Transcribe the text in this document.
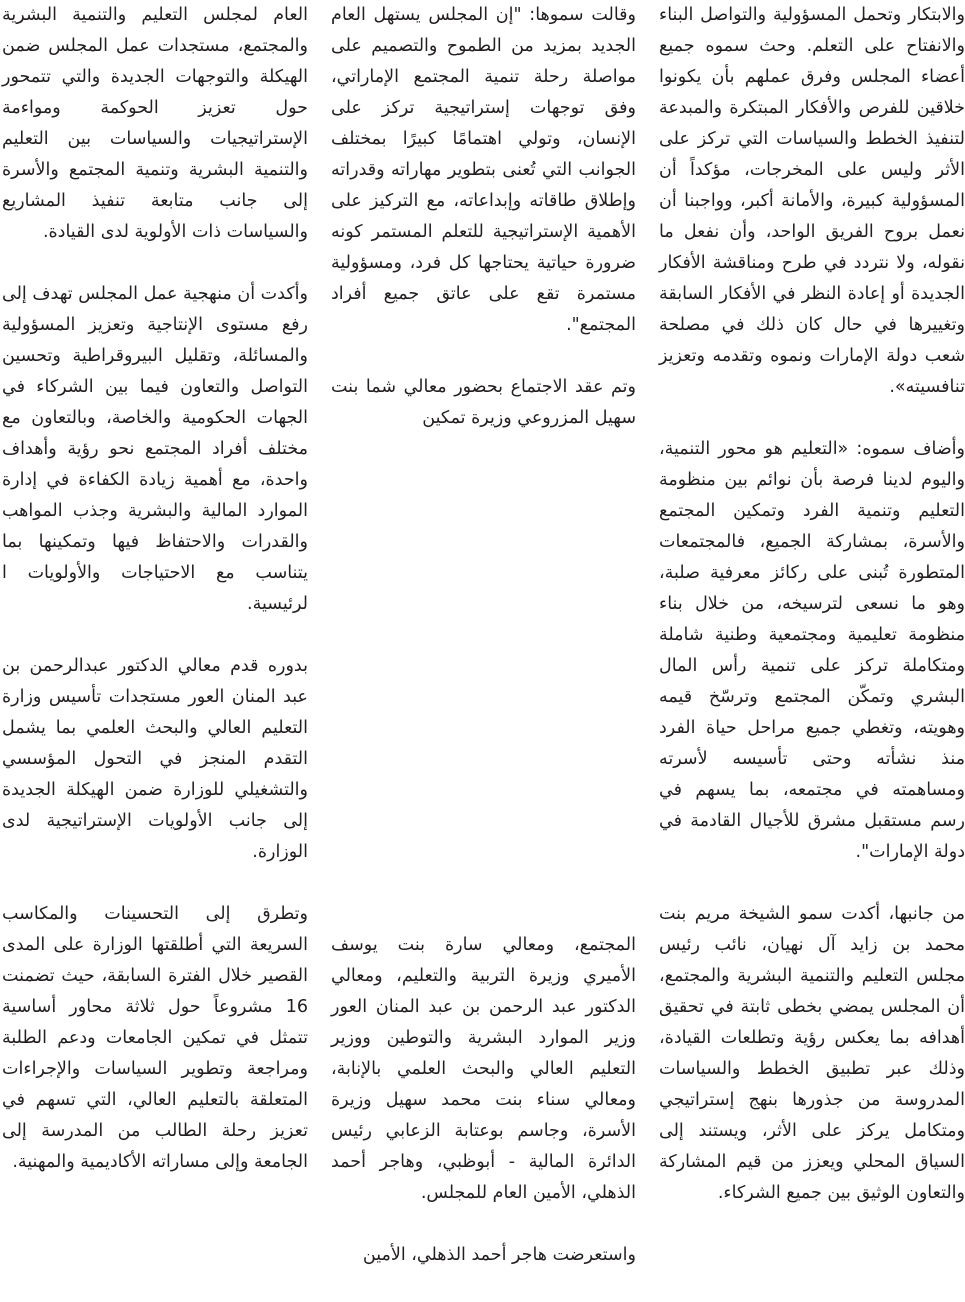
والابتكار وتحمل المسؤولية والتواصل البناء والانفتاح على التعلم. وحث سموه جميع أعضاء المجلس وفرق عملهم بأن يكونوا خلاقين للفرص والأفكار المبتكرة والمبدعة لتنفيذ الخطط والسياسات التي تركز على الأثر وليس على المخرجات، مؤكداً أن المسؤولية كبيرة، والأمانة أكبر، وواجبنا أن نعمل بروح الفريق الواحد، وأن نفعل ما نقوله، ولا نتردد في طرح ومناقشة الأفكار الجديدة أو إعادة النظر في الأفكار السابقة وتغييرها في حال كان ذلك في مصلحة شعب دولة الإمارات ونموه وتقدمه وتعزيز تنافسيته».

وأضاف سموه: «التعليم هو محور التنمية، واليوم لدينا فرصة بأن نوائم بين منظومة التعليم وتنمية الفرد وتمكين المجتمع والأسرة، بمشاركة الجميع، فالمجتمعات المتطورة تُبنى على ركائز معرفية صلبة، وهو ما نسعى لترسيخه، من خلال بناء منظومة تعليمية ومجتمعية وطنية شاملة ومتكاملة تركز على تنمية رأس المال البشري وتمكّن المجتمع وترسّخ قيمه وهويته، وتغطي جميع مراحل حياة الفرد منذ نشأته وحتى تأسيسه لأسرته ومساهمته في مجتمعه، بما يسهم في رسم مستقبل مشرق للأجيال القادمة في دولة الإمارات".

من جانبها، أكدت سمو الشيخة مريم بنت محمد بن زايد آل نهيان، نائب رئيس مجلس التعليم والتنمية البشرية والمجتمع، أن المجلس يمضي بخطى ثابتة في تحقيق أهدافه بما يعكس رؤية وتطلعات القيادة، وذلك عبر تطبيق الخطط والسياسات المدروسة من جذورها بنهج إستراتيجي ومتكامل يركز على الأثر، ويستند إلى السياق المحلي ويعزز من قيم المشاركة والتعاون الوثيق بين جميع الشركاء.

وقالت سموها: "إن المجلس يستهل العام الجديد بمزيد من الطموح والتصميم على مواصلة رحلة تنمية المجتمع الإماراتي، وفق توجهات إستراتيجية تركز على الإنسان، وتولي اهتمامًا كبيرًا بمختلف الجوانب التي تُعنى بتطوير مهاراته وقدراته وإطلاق طاقاته وإبداعاته، مع التركيز على الأهمية الإستراتيجية للتعلم المستمر كونه ضرورة حياتية يحتاجها كل فرد، ومسؤولية مستمرة تقع على عاتق جميع أفراد المجتمع".

وتم عقد الاجتماع بحضور معالي شما بنت سهيل المزروعي وزيرة تمكين

المجتمع، ومعالي سارة بنت يوسف الأميري وزيرة التربية والتعليم، ومعالي الدكتور عبد الرحمن بن عبد المنان العور وزير الموارد البشرية والتوطين ووزير التعليم العالي والبحث العلمي بالإنابة، ومعالي سناء بنت محمد سهيل وزيرة الأسرة، وجاسم بوعتابة الزعابي رئيس الدائرة المالية - أبوظبي، وهاجر أحمد الذهلي، الأمين العام للمجلس.

واستعرضت هاجر أحمد الذهلي، الأمين

العام لمجلس التعليم والتنمية البشرية والمجتمع، مستجدات عمل المجلس ضمن الهيكلة والتوجهات الجديدة والتي تتمحور حول تعزيز الحوكمة ومواءمة الإستراتيجيات والسياسات بين التعليم والتنمية البشرية وتنمية المجتمع والأسرة إلى جانب متابعة تنفيذ المشاريع والسياسات ذات الأولوية لدى القيادة.

وأكدت أن منهجية عمل المجلس تهدف إلى رفع مستوى الإنتاجية وتعزيز المسؤولية والمسائلة، وتقليل البيروقراطية وتحسين التواصل والتعاون فيما بين الشركاء في الجهات الحكومية والخاصة، وبالتعاون مع مختلف أفراد المجتمع نحو رؤية وأهداف واحدة، مع أهمية زيادة الكفاءة في إدارة الموارد المالية والبشرية وجذب المواهب والقدرات والاحتفاظ فيها وتمكينها بما يتناسب مع الاحتياجات والأولويات ا لرئيسية.

بدوره قدم معالي الدكتور عبدالرحمن بن عبد المنان العور مستجدات تأسيس وزارة التعليم العالي والبحث العلمي بما يشمل التقدم المنجز في التحول المؤسسي والتشغيلي للوزارة ضمن الهيكلة الجديدة إلى جانب الأولويات الإستراتيجية لدى الوزارة.

وتطرق إلى التحسينات والمكاسب السريعة التي أطلقتها الوزارة على المدى القصير خلال الفترة السابقة، حيث تضمنت 16 مشروعاً حول ثلاثة محاور أساسية تتمثل في تمكين الجامعات ودعم الطلبة ومراجعة وتطوير السياسات والإجراءات المتعلقة بالتعليم العالي، التي تسهم في تعزيز رحلة الطالب من المدرسة إلى الجامعة وإلى مساراته الأكاديمية والمهنية.
